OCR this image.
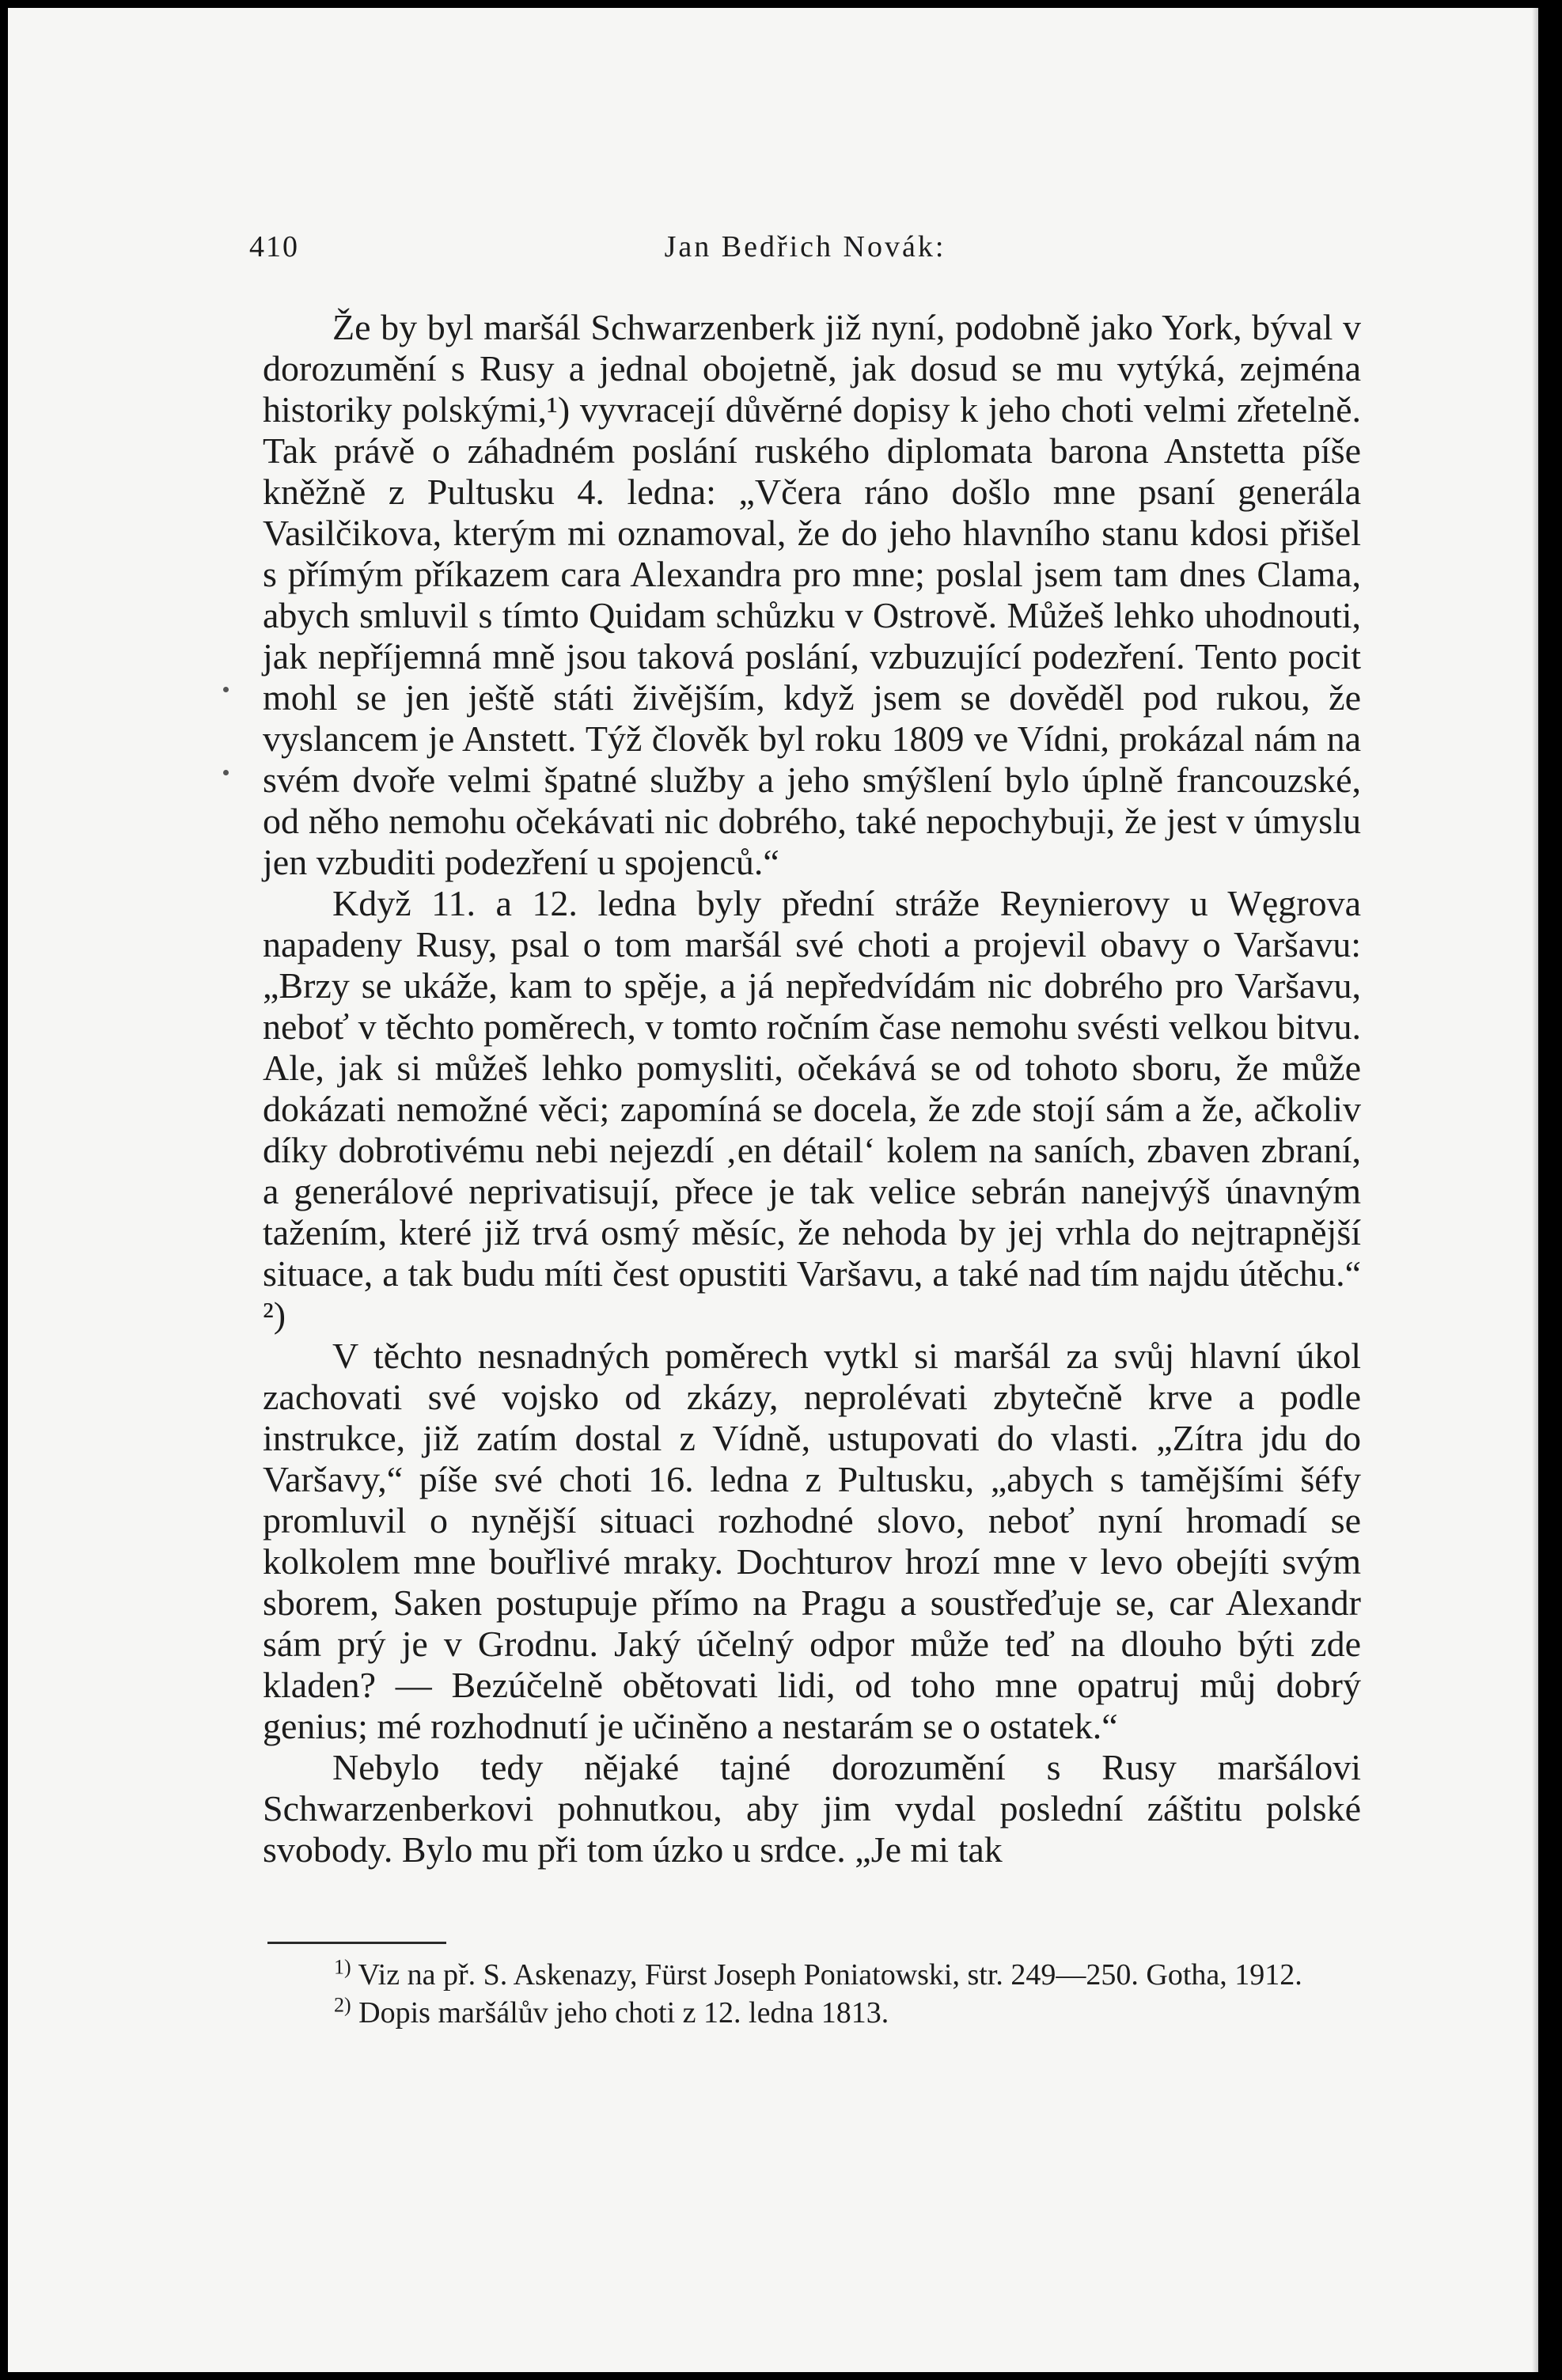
410	Jan Bedřich Novák:

Že by byl maršál Schwarzenberk již nyní, podobně jako York, býval v dorozumění s Rusy a jednal obojetně, jak dosud se mu vytýká, zejména historiky polskými,¹) vyvracejí důvěrné dopisy k jeho choti velmi zřetelně. Tak právě o záhadném poslání ruského diplomata barona Anstetta píše kněžně z Pultusku 4. ledna: „Včera ráno došlo mne psaní generála Vasilčikova, kterým mi oznamoval, že do jeho hlavního stanu kdosi přišel s přímým příkazem cara Alexandra pro mne; poslal jsem tam dnes Clama, abych smluvil s tímto Quidam schůzku v Ostrově. Můžeš lehko uhodnouti, jak nepříjemná mně jsou taková poslání, vzbuzující podezření. Tento pocit mohl se jen ještě státi živějším, když jsem se dověděl pod rukou, že vyslancem je Anstett. Týž člověk byl roku 1809 ve Vídni, prokázal nám na svém dvoře velmi špatné služby a jeho smýšlení bylo úplně francouzské, od něho nemohu očekávati nic dobrého, také nepochybuji, že jest v úmyslu jen vzbuditi podezření u spojenců.“

Když 11. a 12. ledna byly přední stráže Reynierovy u Węgrova napadeny Rusy, psal o tom maršál své choti a projevil obavy o Varšavu: „Brzy se ukáže, kam to spěje, a já nepředvídám nic dobrého pro Varšavu, neboť v těchto poměrech, v tomto ročním čase nemohu svésti velkou bitvu. Ale, jak si můžeš lehko pomysliti, očekává se od tohoto sboru, že může dokázati nemožné věci; zapomíná se docela, že zde stojí sám a že, ačkoliv díky dobrotivému nebi nejezdí ‚en détail‘ kolem na saních, zbaven zbraní, a generálové neprivatisují, přece je tak velice sebrán nanejvýš únavným tažením, které již trvá osmý měsíc, že nehoda by jej vrhla do nejtrapnější situace, a tak budu míti čest opustiti Varšavu, a také nad tím najdu útěchu.“ ²)

V těchto nesnadných poměrech vytkl si maršál za svůj hlavní úkol zachovati své vojsko od zkázy, neprolévati zbytečně krve a podle instrukce, již zatím dostal z Vídně, ustupovati do vlasti. „Zítra jdu do Varšavy,“ píše své choti 16. ledna z Pultusku, „abych s tamějšími šéfy promluvil o nynější situaci rozhodné slovo, neboť nyní hromadí se kolkolem mne bouřlivé mraky. Dochturov hrozí mne v levo obejíti svým sborem, Saken postupuje přímo na Pragu a soustřeďuje se, car Alexandr sám prý je v Grodnu. Jaký účelný odpor může teď na dlouho býti zde kladen? — Bezúčelně obětovati lidi, od toho mne opatruj můj dobrý genius; mé rozhodnutí je učiněno a nestarám se o ostatek.“

Nebylo tedy nějaké tajné dorozumění s Rusy maršálovi Schwarzenberkovi pohnutkou, aby jim vydal poslední záštitu polské svobody. Bylo mu při tom úzko u srdce. „Je mi tak

$^{1)}$ Viz na př. S. Askenazy, Fürst Joseph Poniatowski, str. 249—250. Gotha, 1912.

$^{2)}$ Dopis maršálův jeho choti z 12. ledna 1813.
